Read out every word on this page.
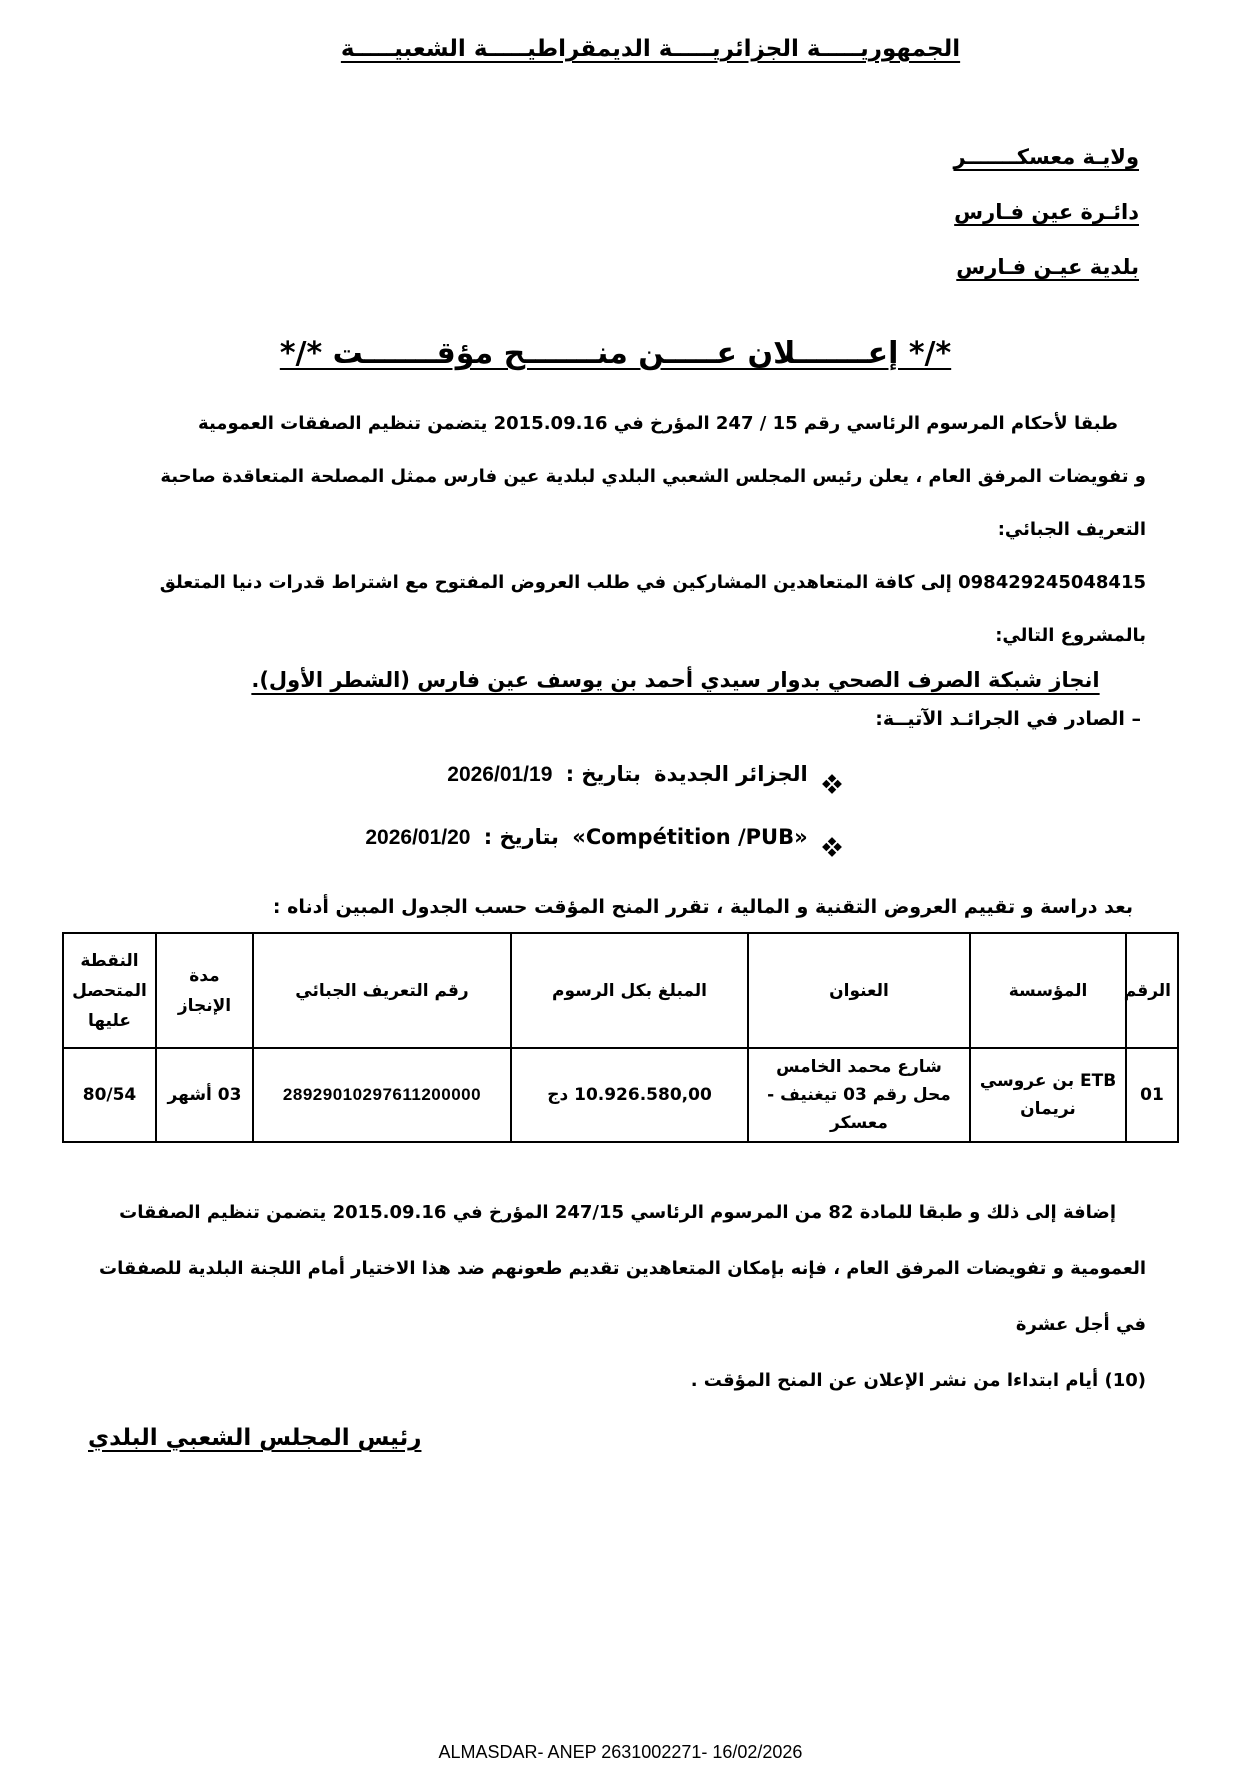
الجمهوريـــــة الجزائريـــــة الديمقراطيـــــة الشعبيـــــة
ولايـة معسكـــــــر
دائـرة عين فـارس
بلدية عيـن فـارس
*/* إعـــــــلان عـــــن منـــــــح مؤقـــــــت */*
طبقا لأحكام المرسوم الرئاسي رقم 15 / 247 المؤرخ في 2015.09.16 يتضمن تنظيم الصفقات العمومية
و تفويضات المرفق العام ، يعلن رئيس المجلس الشعبي البلدي لبلدية عين فارس ممثل المصلحة المتعاقدة صاحبة التعريف الجبائي:
098429245048415 إلى كافة المتعاهدين المشاركين في طلب العروض المفتوح مع اشتراط قدرات دنيا المتعلق بالمشروع التالي:
انجاز شبكة الصرف الصحي بدوار سيدي أحمد بن يوسف عين فارس (الشطر الأول).
– الصادر في الجرائـد الآتيــة:
الجزائر الجديدة بتاريخ : 2026/01/19
«Compétition /PUB» بتاريخ : 2026/01/20
بعد دراسة و تقييم العروض التقنية و المالية ، تقرر المنح المؤقت حسب الجدول المبين أدناه :
الرقم	المؤسسة	العنوان	المبلغ بكل الرسوم	رقم التعريف الجبائي	مدة الإنجاز	النقطة المتحصل عليها
01	ETB بن عروسي نريمان	شارع محمد الخامس محل رقم 03 تيغنيف - معسكر	10.926.580,00 دج	28929010297611200000	03 أشهر	80/54
إضافة إلى ذلك و طبقا للمادة 82 من المرسوم الرئاسي 247/15 المؤرخ في 2015.09.16 يتضمن تنظيم الصفقات
العمومية و تفويضات المرفق العام ، فإنه بإمكان المتعاهدين تقديم طعونهم ضد هذا الاختيار أمام اللجنة البلدية للصفقات في أجل عشرة
(10) أيام ابتداءا من نشر الإعلان عن المنح المؤقت .
رئيس المجلس الشعبي البلدي
ALMASDAR- ANEP 2631002271- 16/02/2026
